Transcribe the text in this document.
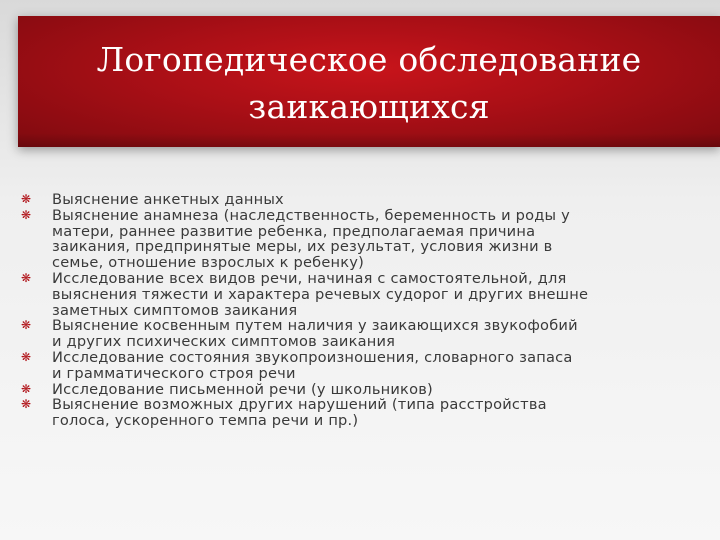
Логопедическое обследование
заикающихся
❋ Выяснение анкетных данных
❋ Выяснение анамнеза (наследственность, беременность и роды у
матери, раннее развитие ребенка, предполагаемая причина
заикания, предпринятые меры, их результат, условия жизни в
семье, отношение взрослых к ребенку)
❋ Исследование всех видов речи, начиная с самостоятельной, для
выяснения тяжести и характера речевых судорог и других внешне
заметных симптомов заикания
❋ Выяснение косвенным путем наличия у заикающихся звукофобий
и других психических симптомов заикания
❋ Исследование состояния звукопроизношения, словарного запаса
и грамматического строя речи
❋ Исследование письменной речи (у школьников)
❋ Выяснение возможных других нарушений (типа расстройства
голоса, ускоренного темпа речи и пр.)
